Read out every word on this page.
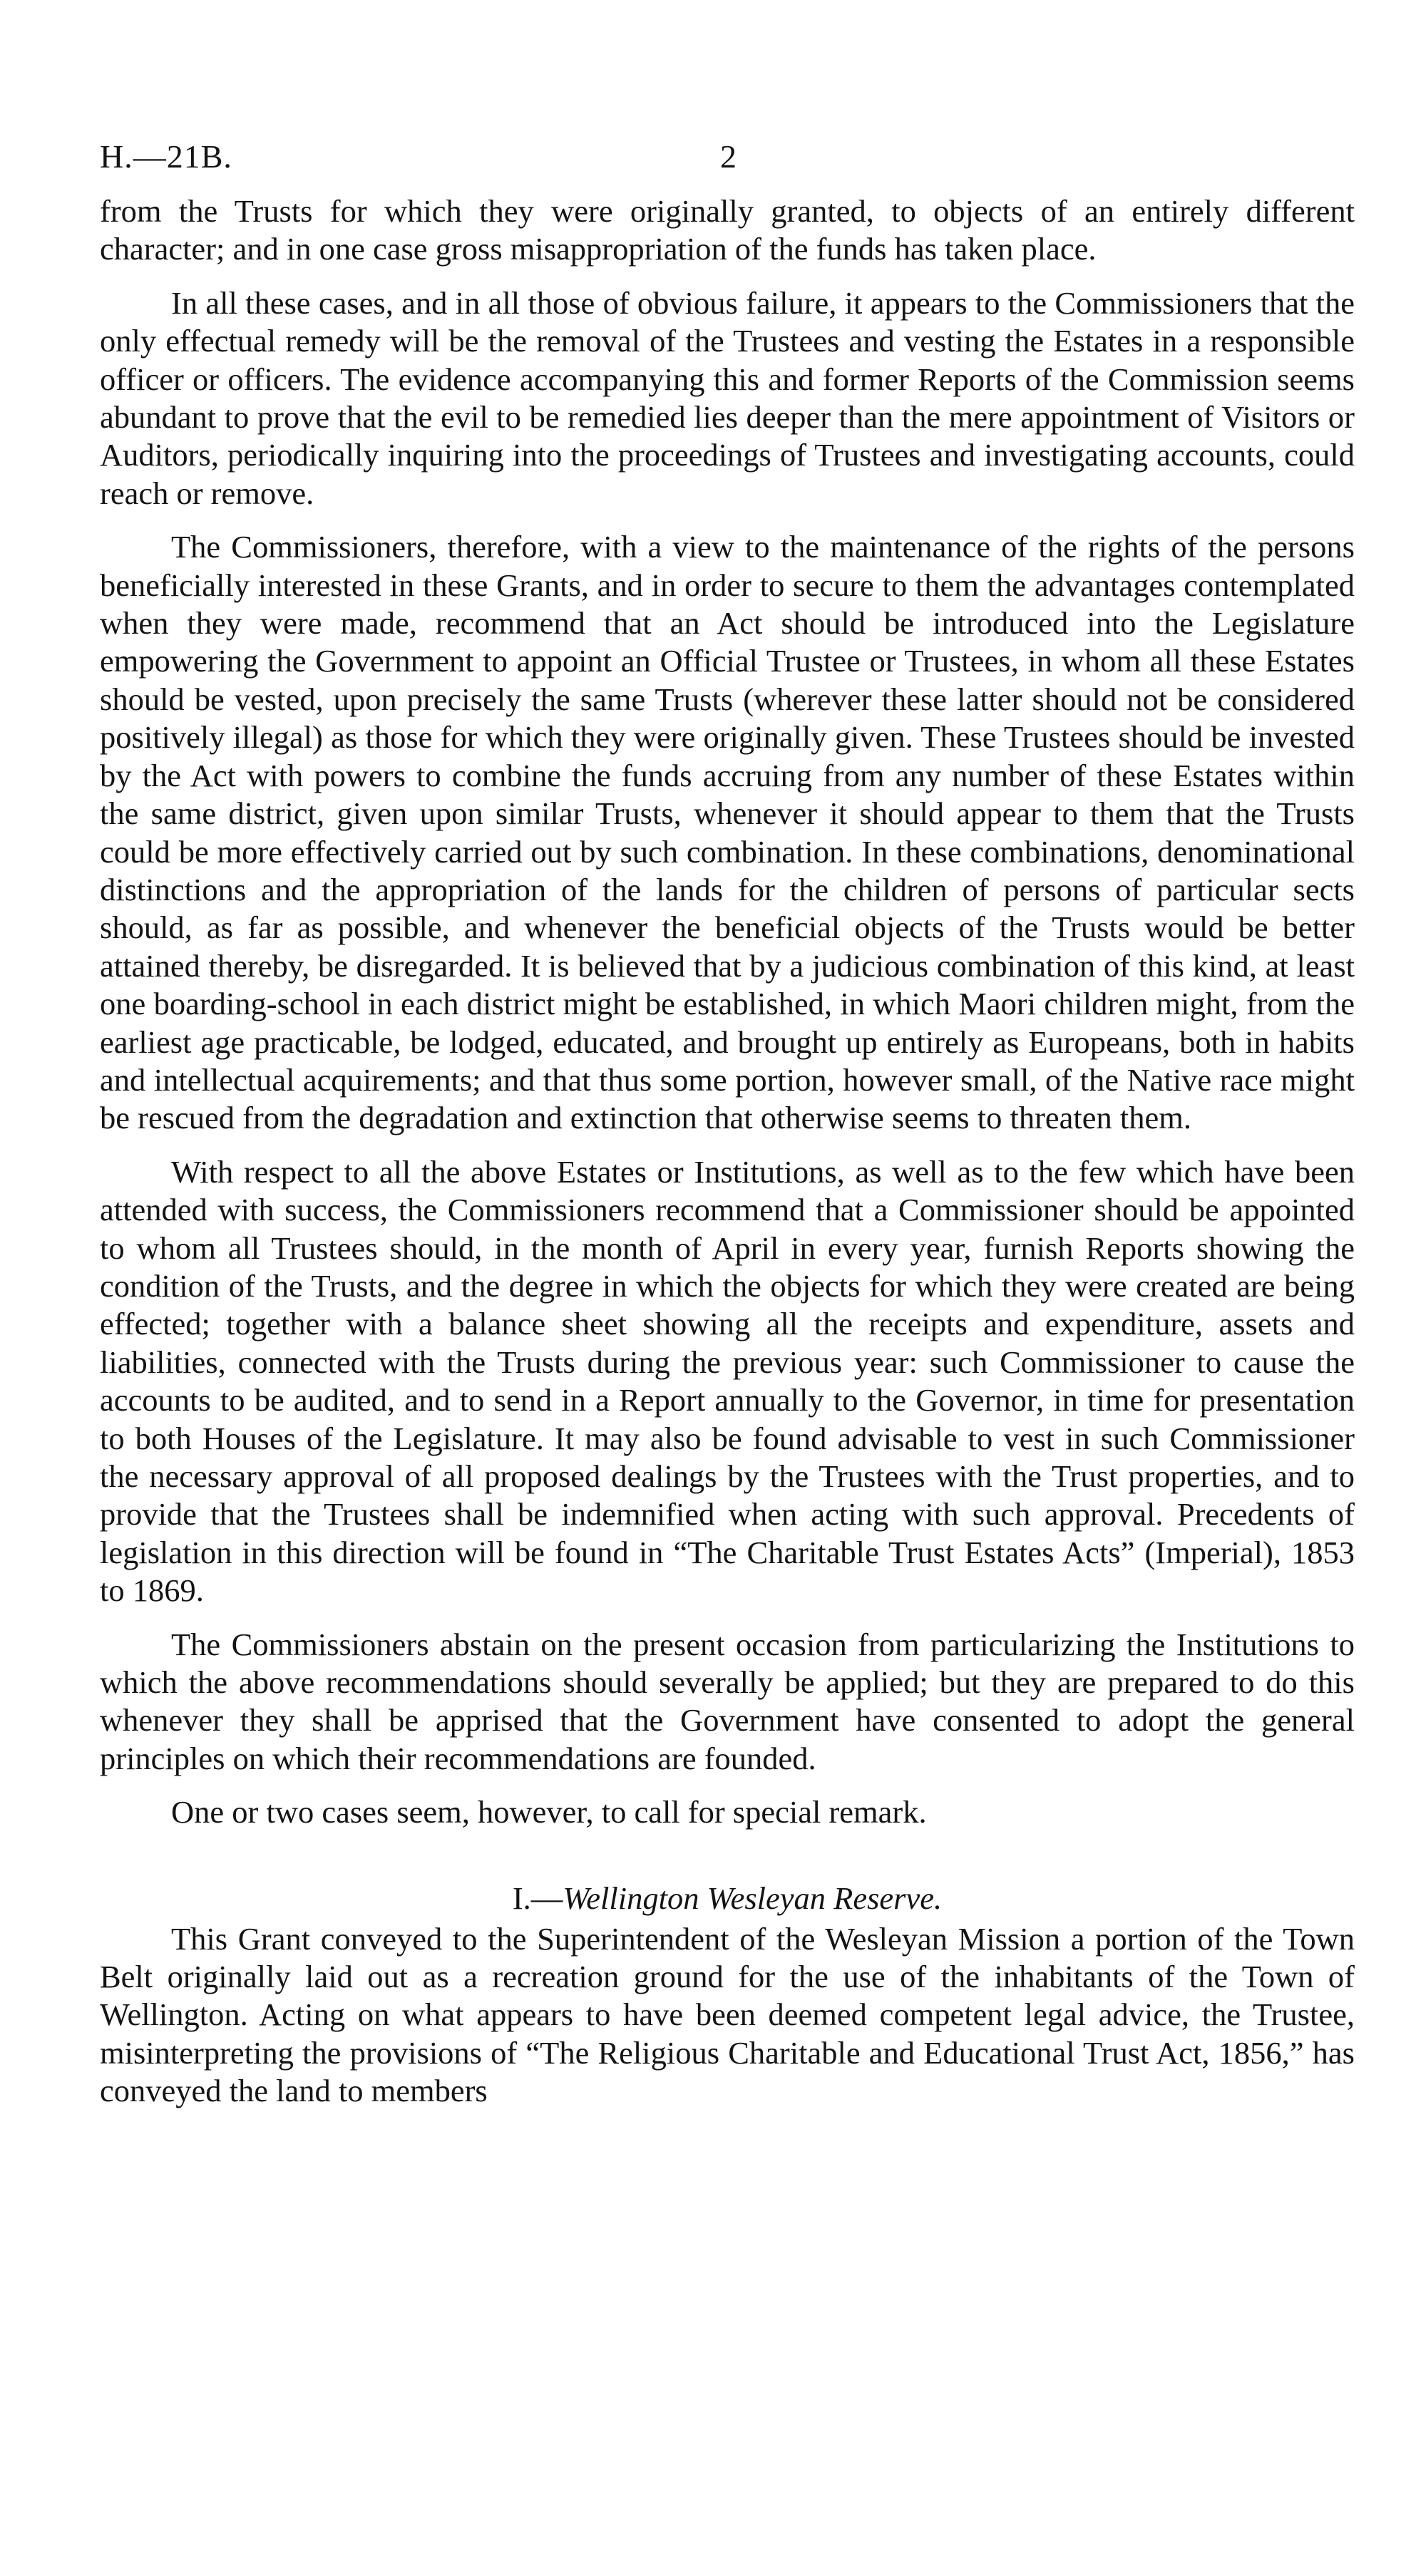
H.—21B.	2

from the Trusts for which they were originally granted, to objects of an entirely different character; and in one case gross misappropriation of the funds has taken place.

In all these cases, and in all those of obvious failure, it appears to the Commissioners that the only effectual remedy will be the removal of the Trustees and vesting the Estates in a responsible officer or officers. The evidence accompanying this and former Reports of the Commission seems abundant to prove that the evil to be remedied lies deeper than the mere appointment of Visitors or Auditors, periodically inquiring into the proceedings of Trustees and investigating accounts, could reach or remove.

The Commissioners, therefore, with a view to the maintenance of the rights of the persons beneficially interested in these Grants, and in order to secure to them the advantages contemplated when they were made, recommend that an Act should be introduced into the Legislature empowering the Government to appoint an Official Trustee or Trustees, in whom all these Estates should be vested, upon precisely the same Trusts (wherever these latter should not be considered positively illegal) as those for which they were originally given. These Trustees should be invested by the Act with powers to combine the funds accruing from any number of these Estates within the same district, given upon similar Trusts, whenever it should appear to them that the Trusts could be more effectively carried out by such combination. In these combinations, denominational distinctions and the appropriation of the lands for the children of persons of particular sects should, as far as possible, and whenever the beneficial objects of the Trusts would be better attained thereby, be disregarded. It is believed that by a judicious combination of this kind, at least one boarding-school in each district might be established, in which Maori children might, from the earliest age practicable, be lodged, educated, and brought up entirely as Europeans, both in habits and intellectual acquirements; and that thus some portion, however small, of the Native race might be rescued from the degradation and extinction that otherwise seems to threaten them.

With respect to all the above Estates or Institutions, as well as to the few which have been attended with success, the Commissioners recommend that a Commissioner should be appointed to whom all Trustees should, in the month of April in every year, furnish Reports showing the condition of the Trusts, and the degree in which the objects for which they were created are being effected; together with a balance sheet showing all the receipts and expenditure, assets and liabilities, connected with the Trusts during the previous year: such Commissioner to cause the accounts to be audited, and to send in a Report annually to the Governor, in time for presentation to both Houses of the Legislature. It may also be found advisable to vest in such Commissioner the necessary approval of all proposed dealings by the Trustees with the Trust properties, and to provide that the Trustees shall be indemnified when acting with such approval. Precedents of legislation in this direction will be found in “The Charitable Trust Estates Acts” (Imperial), 1853 to 1869.

The Commissioners abstain on the present occasion from particularizing the Institutions to which the above recommendations should severally be applied; but they are prepared to do this whenever they shall be apprised that the Government have consented to adopt the general principles on which their recommendations are founded.

One or two cases seem, however, to call for special remark.

I.—Wellington Wesleyan Reserve.

This Grant conveyed to the Superintendent of the Wesleyan Mission a portion of the Town Belt originally laid out as a recreation ground for the use of the inhabitants of the Town of Wellington. Acting on what appears to have been deemed competent legal advice, the Trustee, misinterpreting the provisions of “The Religious Charitable and Educational Trust Act, 1856,” has conveyed the land to members
